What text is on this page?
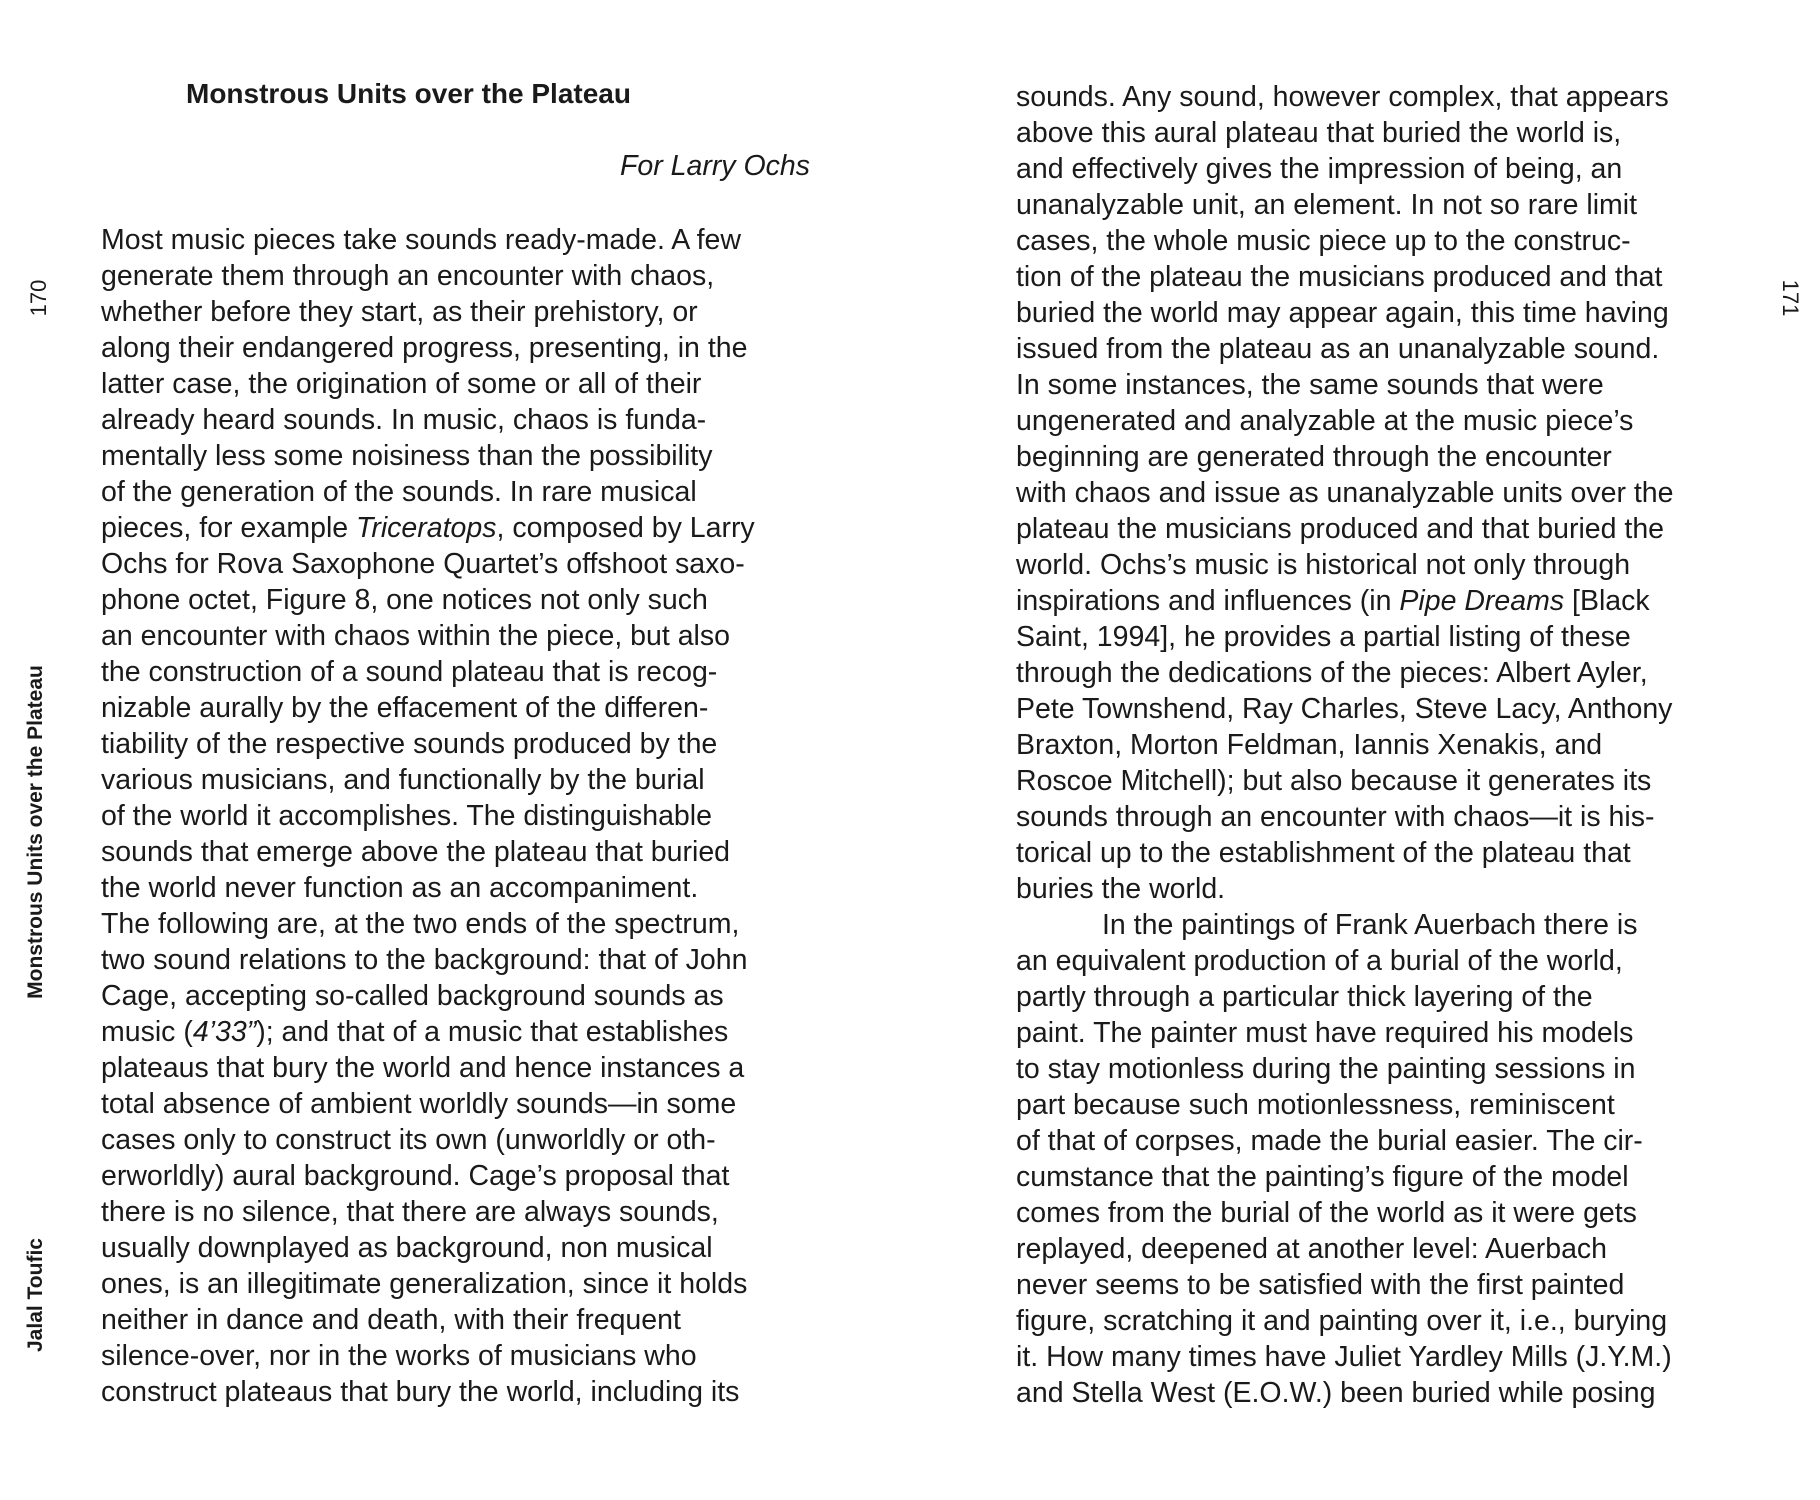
170
Monstrous Units over the Plateau
Jalal Toufic
Monstrous Units over the Plateau

For Larry Ochs

Most music pieces take sounds ready-made. A few
generate them through an encounter with chaos,
whether before they start, as their prehistory, or
along their endangered progress, presenting, in the
latter case, the origination of some or all of their
already heard sounds. In music, chaos is funda-
mentally less some noisiness than the possibility
of the generation of the sounds. In rare musical
pieces, for example Triceratops, composed by Larry
Ochs for Rova Saxophone Quartet’s offshoot saxo-
phone octet, Figure 8, one notices not only such
an encounter with chaos within the piece, but also
the construction of a sound plateau that is recog-
nizable aurally by the effacement of the differen-
tiability of the respective sounds produced by the
various musicians, and functionally by the burial
of the world it accomplishes. The distinguishable
sounds that emerge above the plateau that buried
the world never function as an accompaniment.
The following are, at the two ends of the spectrum,
two sound relations to the background: that of John
Cage, accepting so-called background sounds as
music (4’33”); and that of a music that establishes
plateaus that bury the world and hence instances a
total absence of ambient worldly sounds—in some
cases only to construct its own (unworldly or oth-
erworldly) aural background. Cage’s proposal that
there is no silence, that there are always sounds,
usually downplayed as background, non musical
ones, is an illegitimate generalization, since it holds
neither in dance and death, with their frequent
silence-over, nor in the works of musicians who
construct plateaus that bury the world, including its
sounds. Any sound, however complex, that appears
above this aural plateau that buried the world is,
and effectively gives the impression of being, an
unanalyzable unit, an element. In not so rare limit
cases, the whole music piece up to the construc-
tion of the plateau the musicians produced and that
buried the world may appear again, this time having
issued from the plateau as an unanalyzable sound.
In some instances, the same sounds that were
ungenerated and analyzable at the music piece’s
beginning are generated through the encounter
with chaos and issue as unanalyzable units over the
plateau the musicians produced and that buried the
world. Ochs’s music is historical not only through
inspirations and influences (in Pipe Dreams [Black
Saint, 1994], he provides a partial listing of these
through the dedications of the pieces: Albert Ayler,
Pete Townshend, Ray Charles, Steve Lacy, Anthony
Braxton, Morton Feldman, Iannis Xenakis, and
Roscoe Mitchell); but also because it generates its
sounds through an encounter with chaos—it is his-
torical up to the establishment of the plateau that
buries the world.
In the paintings of Frank Auerbach there is
an equivalent production of a burial of the world,
partly through a particular thick layering of the
paint. The painter must have required his models
to stay motionless during the painting sessions in
part because such motionlessness, reminiscent
of that of corpses, made the burial easier. The cir-
cumstance that the painting’s figure of the model
comes from the burial of the world as it were gets
replayed, deepened at another level: Auerbach
never seems to be satisfied with the first painted
figure, scratching it and painting over it, i.e., burying
it. How many times have Juliet Yardley Mills (J.Y.M.)
and Stella West (E.O.W.) been buried while posing
171
